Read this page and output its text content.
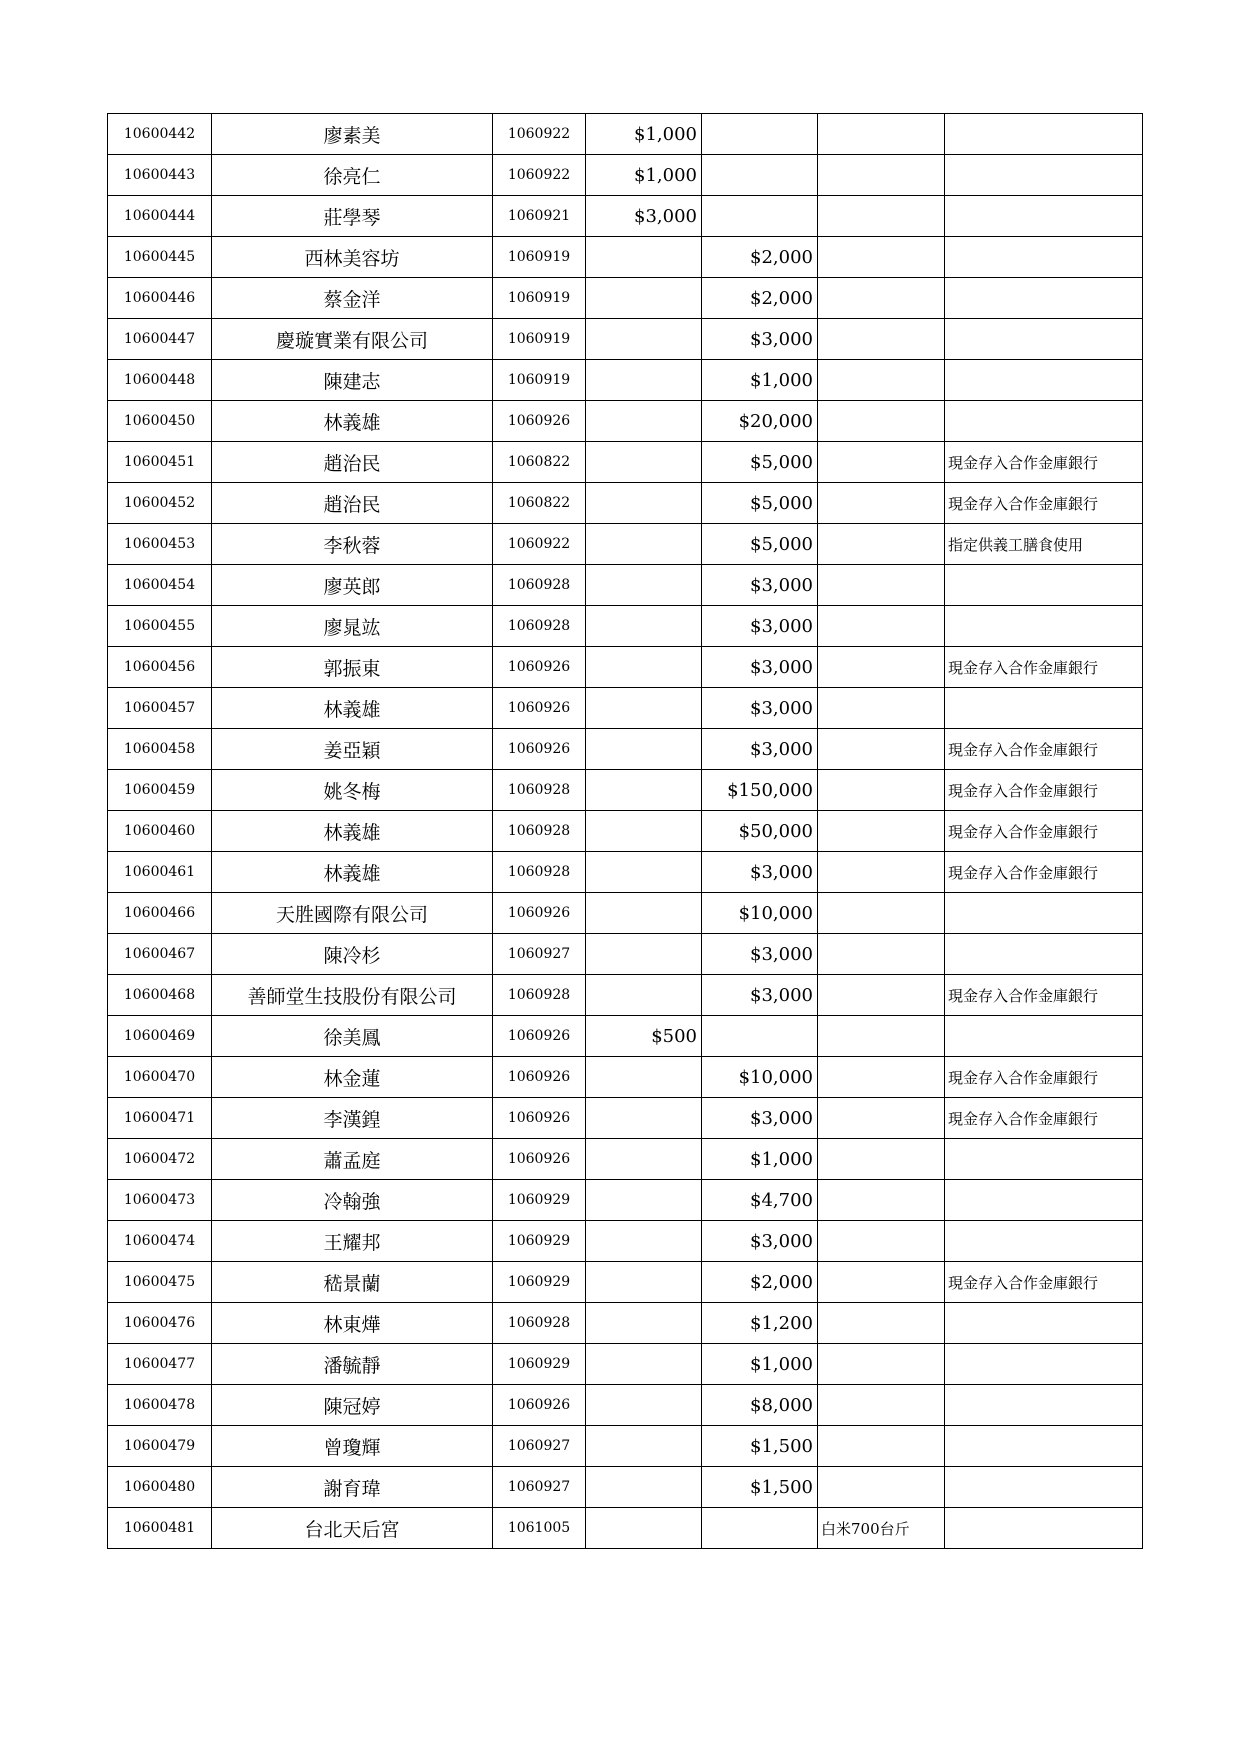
10600442	廖素美	1060922	$1,000			
10600443	徐亮仁	1060922	$1,000			
10600444	莊學琴	1060921	$3,000			
10600445	西林美容坊	1060919		$2,000		
10600446	蔡金洋	1060919		$2,000		
10600447	慶璇實業有限公司	1060919		$3,000		
10600448	陳建志	1060919		$1,000		
10600450	林義雄	1060926		$20,000		
10600451	趙治民	1060822		$5,000		現金存入合作金庫銀行
10600452	趙治民	1060822		$5,000		現金存入合作金庫銀行
10600453	李秋蓉	1060922		$5,000		指定供義工膳食使用
10600454	廖英郎	1060928		$3,000		
10600455	廖晁竑	1060928		$3,000		
10600456	郭振東	1060926		$3,000		現金存入合作金庫銀行
10600457	林義雄	1060926		$3,000		
10600458	姜亞穎	1060926		$3,000		現金存入合作金庫銀行
10600459	姚冬梅	1060928		$150,000		現金存入合作金庫銀行
10600460	林義雄	1060928		$50,000		現金存入合作金庫銀行
10600461	林義雄	1060928		$3,000		現金存入合作金庫銀行
10600466	天胜國際有限公司	1060926		$10,000		
10600467	陳冷杉	1060927		$3,000		
10600468	善師堂生技股份有限公司	1060928		$3,000		現金存入合作金庫銀行
10600469	徐美鳳	1060926	$500			
10600470	林金蓮	1060926		$10,000		現金存入合作金庫銀行
10600471	李漢鍠	1060926		$3,000		現金存入合作金庫銀行
10600472	蕭孟庭	1060926		$1,000		
10600473	冷翰強	1060929		$4,700		
10600474	王耀邦	1060929		$3,000		
10600475	嵇景蘭	1060929		$2,000		現金存入合作金庫銀行
10600476	林東燁	1060928		$1,200		
10600477	潘毓靜	1060929		$1,000		
10600478	陳冠婷	1060926		$8,000		
10600479	曾瓊輝	1060927		$1,500		
10600480	謝育瑋	1060927		$1,500		
10600481	台北天后宮	1061005			白米700台斤	
